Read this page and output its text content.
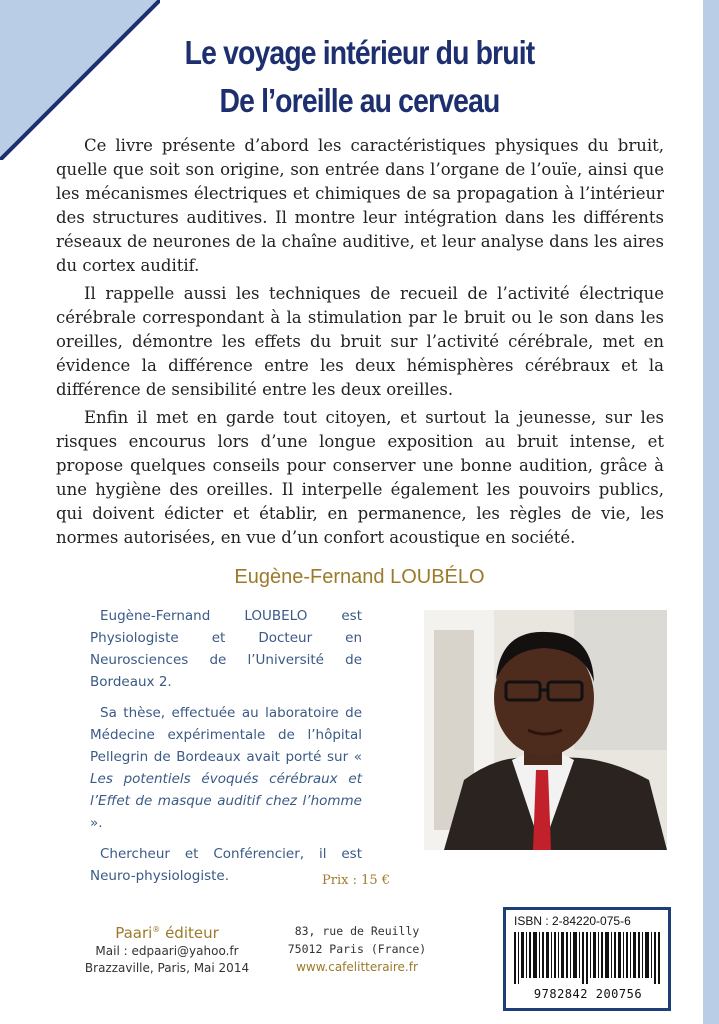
Le voyage intérieur du bruit
De l’oreille au cerveau

Ce livre présente d’abord les caractéristiques physiques du bruit, quelle que soit son origine, son entrée dans l’organe de l’ouïe, ainsi que les mécanismes électriques et chimiques de sa propagation à l’intérieur des structures auditives. Il montre leur intégration dans les différents réseaux de neurones de la chaîne auditive, et leur analyse dans les aires du cortex auditif.

Il rappelle aussi les techniques de recueil de l’activité électrique cérébrale correspondant à la stimulation par le bruit ou le son dans les oreilles, démontre les effets du bruit sur l’activité cérébrale, met en évidence la différence entre les deux hémisphères cérébraux et la différence de sensibilité entre les deux oreilles.

Enfin il met en garde tout citoyen, et surtout la jeunesse, sur les risques encourus lors d’une longue exposition au bruit intense, et propose quelques conseils pour conserver une bonne audition, grâce à une hygiène des oreilles. Il interpelle également les pouvoirs publics, qui doivent édicter et établir, en permanence, les règles de vie, les normes autorisées, en vue d’un confort acoustique en société.

Eugène-Fernand LOUBÉLO

Eugène-Fernand LOUBELO est Physiologiste et Docteur en Neurosciences de l’Université de Bordeaux 2.

Sa thèse, effectuée au laboratoire de Médecine expérimentale de l’hôpital Pellegrin de Bordeaux avait porté sur « Les potentiels évoqués cérébraux et l’Effet de masque auditif chez l’homme ».

Chercheur et Conférencier, il est Neuro-physiologiste.	Prix : 15 €
Paari® éditeur
Mail : edpaari@yahoo.fr
Brazzaville, Paris, Mai 2014
83, rue de Reuilly
75012 Paris (France)
www.cafelitteraire.fr
ISBN : 2-84220-075-6
9782842 200756
